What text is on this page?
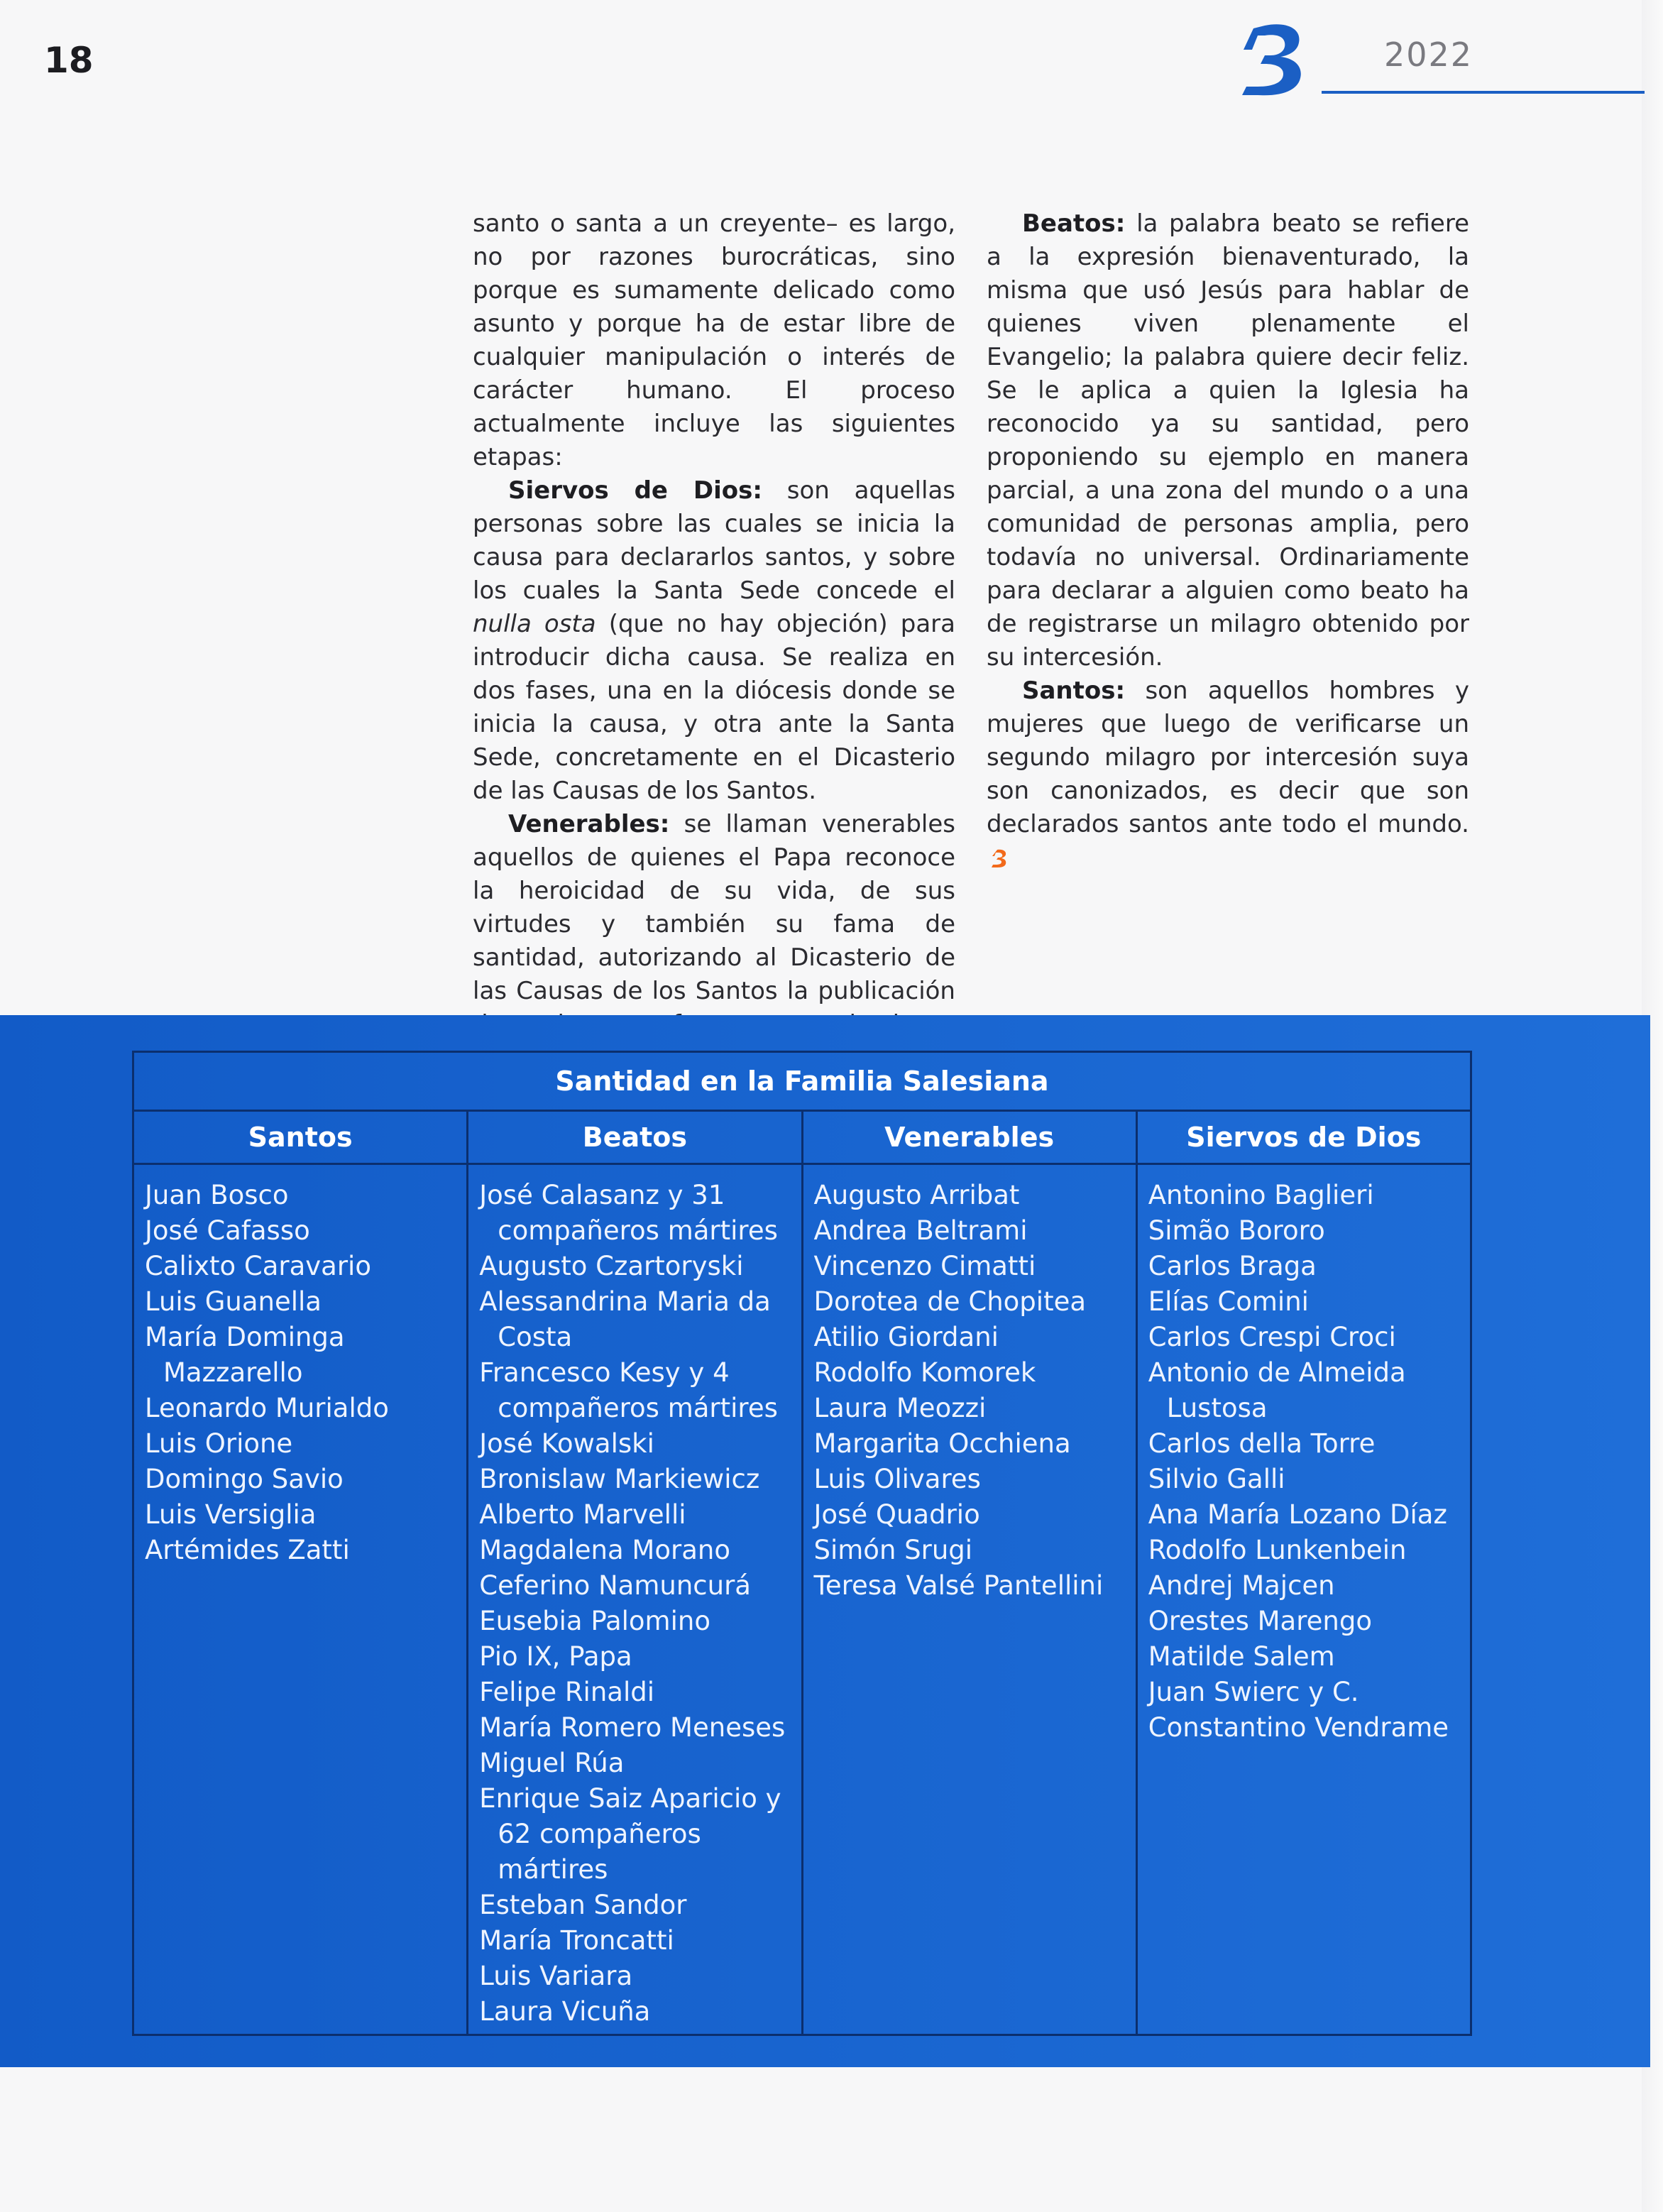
18	2022

santo o santa a un creyente– es largo, no por razones burocráticas, sino porque es sumamente delicado como asunto y porque ha de estar libre de cualquier manipulación o interés de carácter humano. El proceso actualmente incluye las siguientes etapas:

Siervos de Dios: son aquellas personas sobre las cuales se inicia la causa para declararlos santos, y sobre los cuales la Santa Sede concede el nulla osta (que no hay objeción) para introducir dicha causa. Se realiza en dos fases, una en la diócesis donde se inicia la causa, y otra ante la Santa Sede, concretamente en el Dicasterio de las Causas de los Santos.

Venerables: se llaman venerables aquellos de quienes el Papa reconoce la heroicidad de su vida, de sus virtudes y también su fama de santidad, autorizando al Dicasterio de las Causas de los Santos la publicación

Beatos: la palabra beato se refiere a la expresión bienaventurado, la misma que usó Jesús para hablar de quienes viven plenamente el Evangelio; la palabra quiere decir feliz. Se le aplica a quien la Iglesia ha reconocido ya su santidad, pero proponiendo su ejemplo en manera parcial, a una zona del mundo o a una comunidad de personas amplia, pero todavía no universal. Ordinariamente para declarar a alguien como beato ha de registrarse un milagro obtenido por su intercesión.

Santos: son aquellos hombres y mujeres que luego de verificarse un segundo milagro por intercesión suya son canonizados, es decir que son declarados santos ante todo el mundo.

Santidad en la Familia Salesiana
Santos
Juan Bosco
José Cafasso
Calixto Caravario
Luis Guanella
María Dominga Mazzarello
Leonardo Murialdo
Luis Orione
Domingo Savio
Luis Versiglia
Artémides Zatti
Beatos
José Calasanz y 31 compañeros mártires
Augusto Czartoryski
Alessandrina Maria da Costa
Francesco Kesy y 4 compañeros mártires
José Kowalski
Bronislaw Markiewicz
Alberto Marvelli
Magdalena Morano
Ceferino Namuncurá
Eusebia Palomino
Pio IX, Papa
Felipe Rinaldi
María Romero Meneses
Miguel Rúa
Enrique Saiz Aparicio y 62 compañeros mártires
Esteban Sandor
María Troncatti
Luis Variara
Laura Vicuña
Venerables
Augusto Arribat
Andrea Beltrami
Vincenzo Cimatti
Dorotea de Chopitea
Atilio Giordani
Rodolfo Komorek
Laura Meozzi
Margarita Occhiena
Luis Olivares
José Quadrio
Simón Srugi
Teresa Valsé Pantellini
Siervos de Dios
Antonino Baglieri
Simão Bororo
Carlos Braga
Elías Comini
Carlos Crespi Croci
Antonio de Almeida Lustosa
Carlos della Torre
Silvio Galli
Ana María Lozano Díaz
Rodolfo Lunkenbein
Andrej Majcen
Orestes Marengo
Matilde Salem
Juan Swierc y C.
Constantino Vendrame
